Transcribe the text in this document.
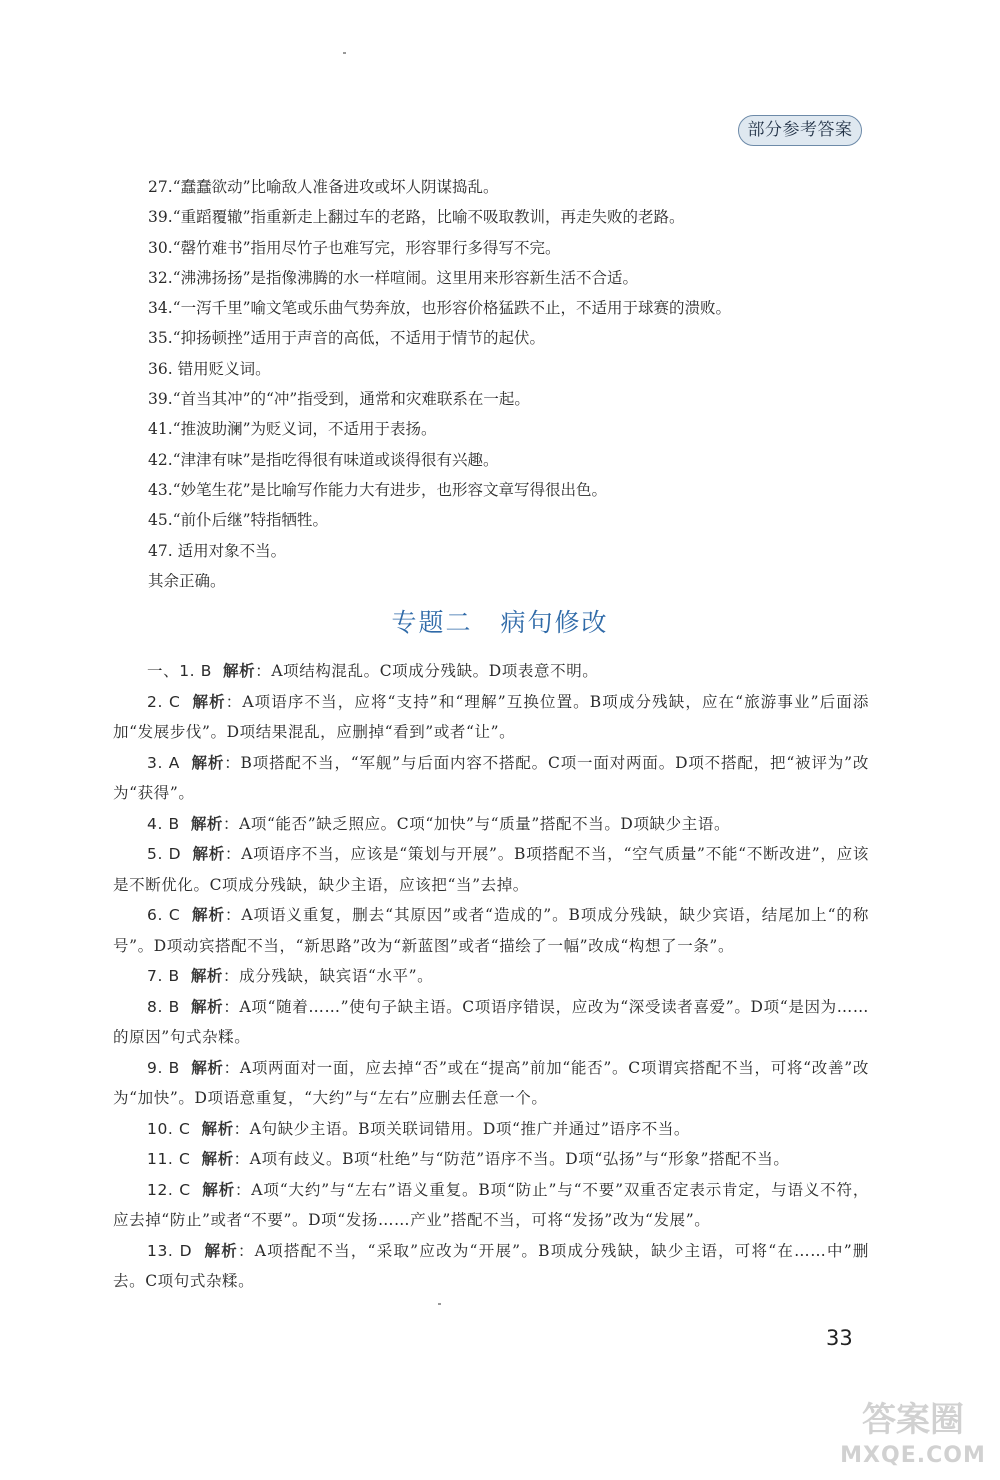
部分参考答案
27.“蠢蠢欲动”比喻敌人准备进攻或坏人阴谋捣乱。
39.“重蹈覆辙”指重新走上翻过车的老路，比喻不吸取教训，再走失败的老路。
30.“罄竹难书”指用尽竹子也难写完，形容罪行多得写不完。
32.“沸沸扬扬”是指像沸腾的水一样喧闹。这里用来形容新生活不合适。
34.“一泻千里”喻文笔或乐曲气势奔放，也形容价格猛跌不止，不适用于球赛的溃败。
35.“抑扬顿挫”适用于声音的高低，不适用于情节的起伏。
36. 错用贬义词。
39.“首当其冲”的“冲”指受到，通常和灾难联系在一起。
41.“推波助澜”为贬义词，不适用于表扬。
42.“津津有味”是指吃得很有味道或谈得很有兴趣。
43.“妙笔生花”是比喻写作能力大有进步，也形容文章写得很出色。
45.“前仆后继”特指牺牲。
47. 适用对象不当。
其余正确。
专题二 病句修改

一、1. B 解析：A项结构混乱。C项成分残缺。D项表意不明。

2. C 解析：A项语序不当，应将“支持”和“理解”互换位置。B项成分残缺，应在“旅游事业”后面添加“发展步伐”。D项结果混乱，应删掉“看到”或者“让”。

3. A 解析：B项搭配不当，“军舰”与后面内容不搭配。C项一面对两面。D项不搭配，把“被评为”改为“获得”。

4. B 解析：A项“能否”缺乏照应。C项“加快”与“质量”搭配不当。D项缺少主语。

5. D 解析：A项语序不当，应该是“策划与开展”。B项搭配不当，“空气质量”不能“不断改进”，应该是不断优化。C项成分残缺，缺少主语，应该把“当”去掉。

6. C 解析：A项语义重复，删去“其原因”或者“造成的”。B项成分残缺，缺少宾语，结尾加上“的称号”。D项动宾搭配不当，“新思路”改为“新蓝图”或者“描绘了一幅”改成“构想了一条”。

7. B 解析：成分残缺，缺宾语“水平”。

8. B 解析：A项“随着……”使句子缺主语。C项语序错误，应改为“深受读者喜爱”。D项“是因为……的原因”句式杂糅。

9. B 解析：A项两面对一面，应去掉“否”或在“提高”前加“能否”。C项谓宾搭配不当，可将“改善”改为“加快”。D项语意重复，“大约”与“左右”应删去任意一个。

10. C 解析：A句缺少主语。B项关联词错用。D项“推广并通过”语序不当。

11. C 解析：A项有歧义。B项“杜绝”与“防范”语序不当。D项“弘扬”与“形象”搭配不当。

12. C 解析：A项“大约”与“左右”语义重复。B项“防止”与“不要”双重否定表示肯定，与语义不符，应去掉“防止”或者“不要”。D项“发扬……产业”搭配不当，可将“发扬”改为“发展”。

13. D 解析：A项搭配不当，“采取”应改为“开展”。B项成分残缺，缺少主语，可将“在……中”删去。C项句式杂糅。

33
答案圈
MXQE.COM
